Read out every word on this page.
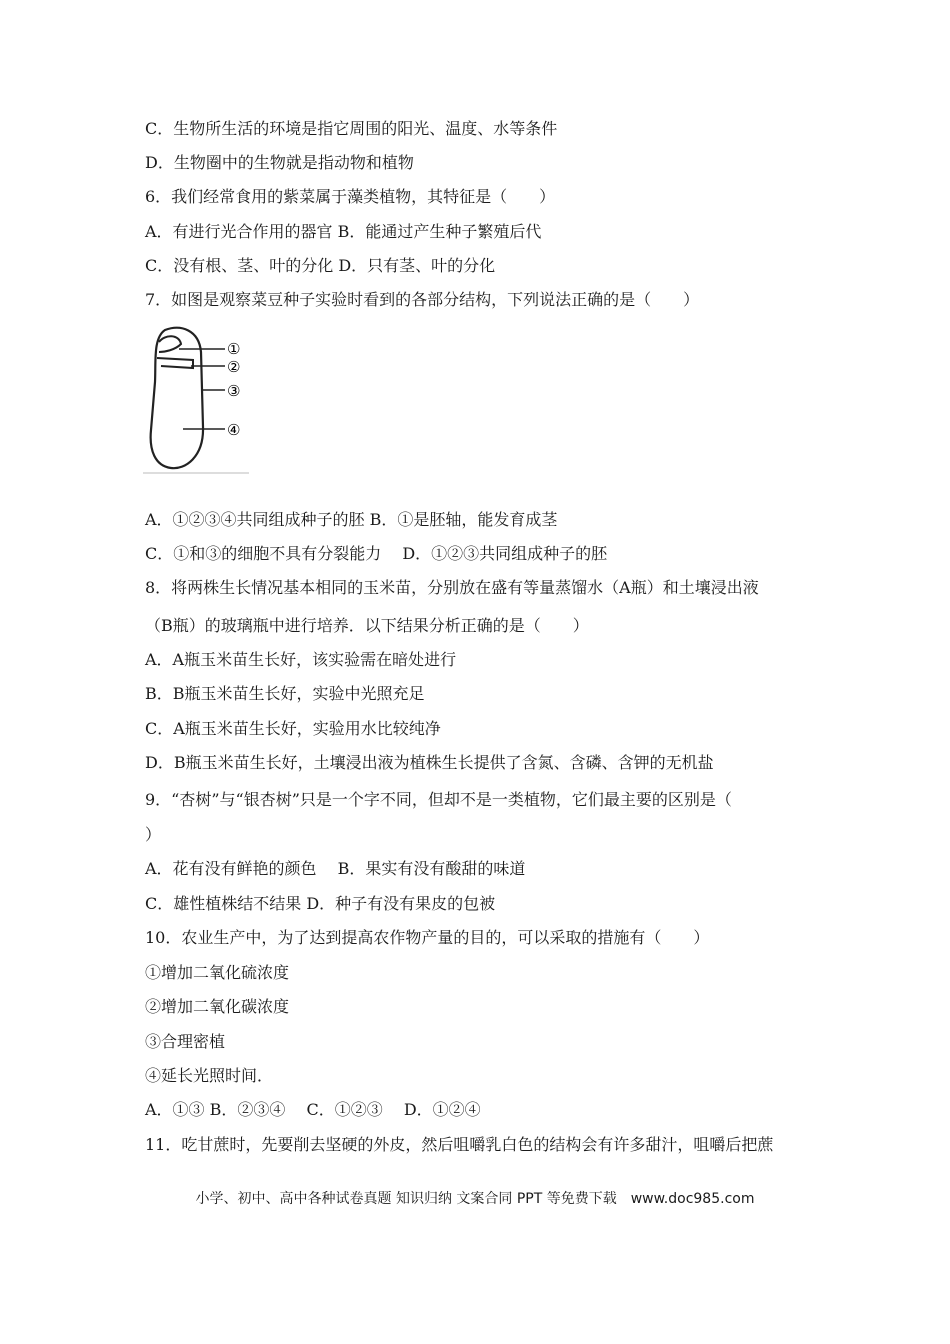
C．生物所生活的环境是指它周围的阳光、温度、水等条件
D．生物圈中的生物就是指动物和植物
6．我们经常食用的紫菜属于藻类植物，其特征是（　　）
A．有进行光合作用的器官 B．能通过产生种子繁殖后代
C．没有根、茎、叶的分化 D．只有茎、叶的分化
7．如图是观察菜豆种子实验时看到的各部分结构，下列说法正确的是（　　）
①
②
③
④
A．①②③④共同组成种子的胚 B．①是胚轴，能发育成茎
C．①和③的细胞不具有分裂能力　 D．①②③共同组成种子的胚
8．将两株生长情况基本相同的玉米苗，分别放在盛有等量蒸馏水（A瓶）和土壤浸出液
（B瓶）的玻璃瓶中进行培养．以下结果分析正确的是（　　）
A．A瓶玉米苗生长好，该实验需在暗处进行
B．B瓶玉米苗生长好，实验中光照充足
C．A瓶玉米苗生长好，实验用水比较纯净
D．B瓶玉米苗生长好，土壤浸出液为植株生长提供了含氮、含磷、含钾的无机盐
9．“杏树”与“银杏树”只是一个字不同，但却不是一类植物，它们最主要的区别是（
）
A．花有没有鲜艳的颜色　 B．果实有没有酸甜的味道
C．雄性植株结不结果 D．种子有没有果皮的包被
10．农业生产中，为了达到提高农作物产量的目的，可以采取的措施有（　　）
①增加二氧化硫浓度
②增加二氧化碳浓度
③合理密植
④延长光照时间．
A．①③ B．②③④　 C．①②③　 D．①②④
11．吃甘蔗时，先要削去坚硬的外皮，然后咀嚼乳白色的结构会有许多甜汁，咀嚼后把蔗
小学、初中、高中各种试卷真题 知识归纳 文案合同 PPT 等免费下载　www.doc985.com
